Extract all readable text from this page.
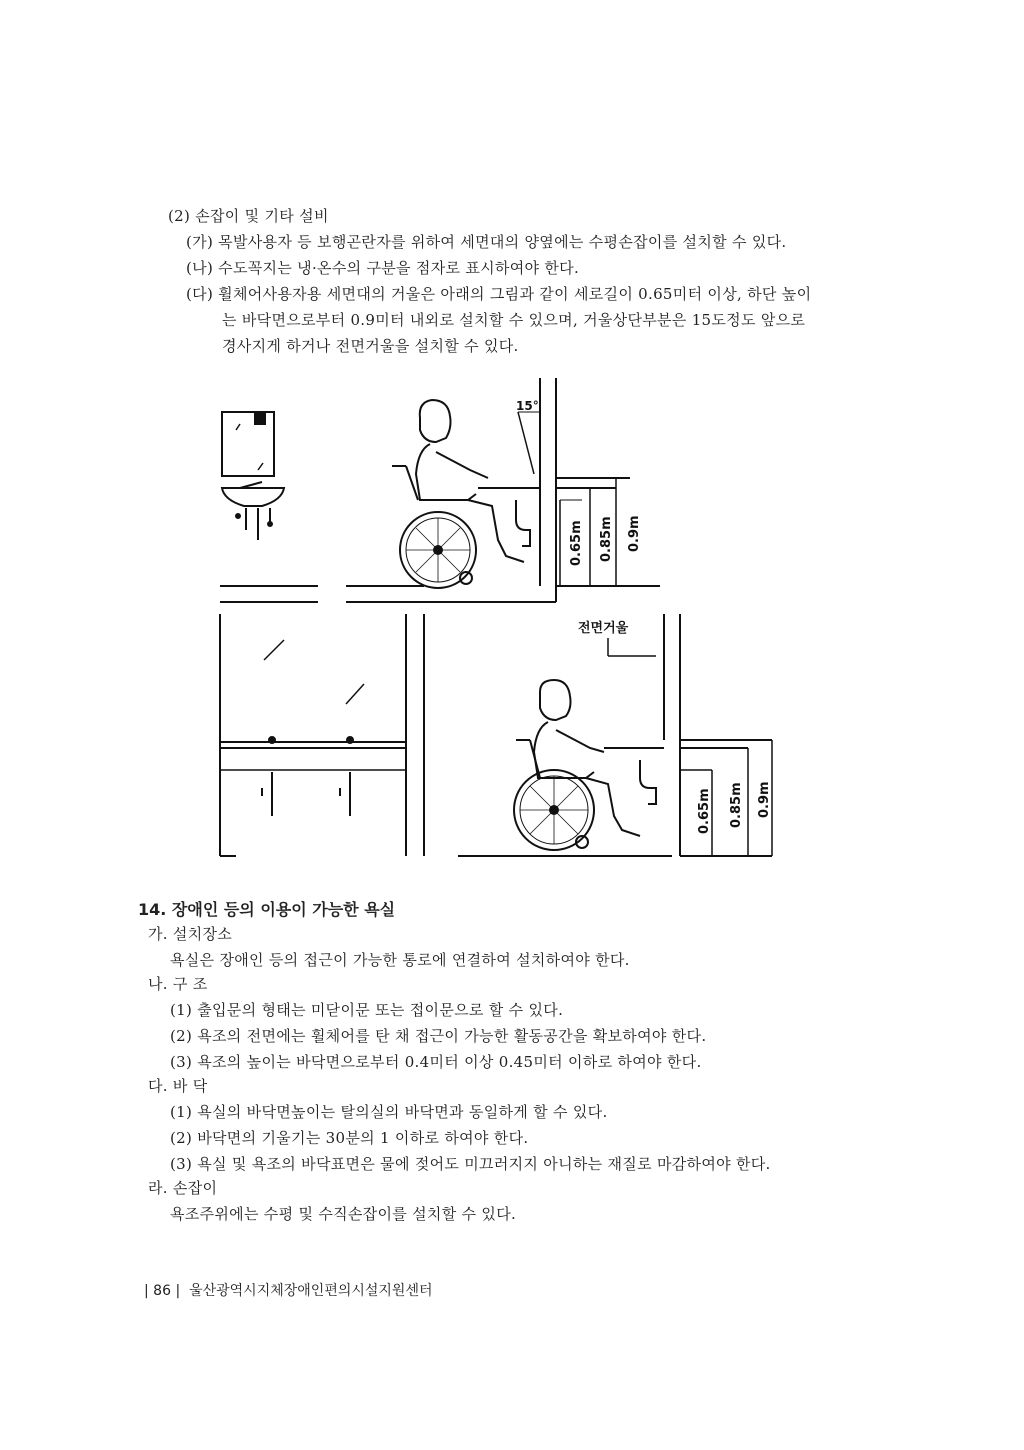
(2) 손잡이 및 기타 설비
(가) 목발사용자 등 보행곤란자를 위하여 세면대의 양옆에는 수평손잡이를 설치할 수 있다.
(나) 수도꼭지는 냉·온수의 구분을 점자로 표시하여야 한다.
(다) 휠체어사용자용 세면대의 거울은 아래의 그림과 같이 세로길이 0.65미터 이상, 하단 높이
는 바닥면으로부터 0.9미터 내외로 설치할 수 있으며, 거울상단부분은 15도정도 앞으로
경사지게 하거나 전면거울을 설치할 수 있다.
15°
0.65m 0.85m 0.9m
전면거울
0.65m 0.85m 0.9m
14. 장애인 등의 이용이 가능한 욕실
가. 설치장소
욕실은 장애인 등의 접근이 가능한 통로에 연결하여 설치하여야 한다.
나. 구 조
(1) 출입문의 형태는 미닫이문 또는 접이문으로 할 수 있다.
(2) 욕조의 전면에는 휠체어를 탄 채 접근이 가능한 활동공간을 확보하여야 한다.
(3) 욕조의 높이는 바닥면으로부터 0.4미터 이상 0.45미터 이하로 하여야 한다.
다. 바 닥
(1) 욕실의 바닥면높이는 탈의실의 바닥면과 동일하게 할 수 있다.
(2) 바닥면의 기울기는 30분의 1 이하로 하여야 한다.
(3) 욕실 및 욕조의 바닥표면은 물에 젖어도 미끄러지지 아니하는 재질로 마감하여야 한다.
라. 손잡이
욕조주위에는 수평 및 수직손잡이를 설치할 수 있다.
| 86 |  울산광역시지체장애인편의시설지원센터
